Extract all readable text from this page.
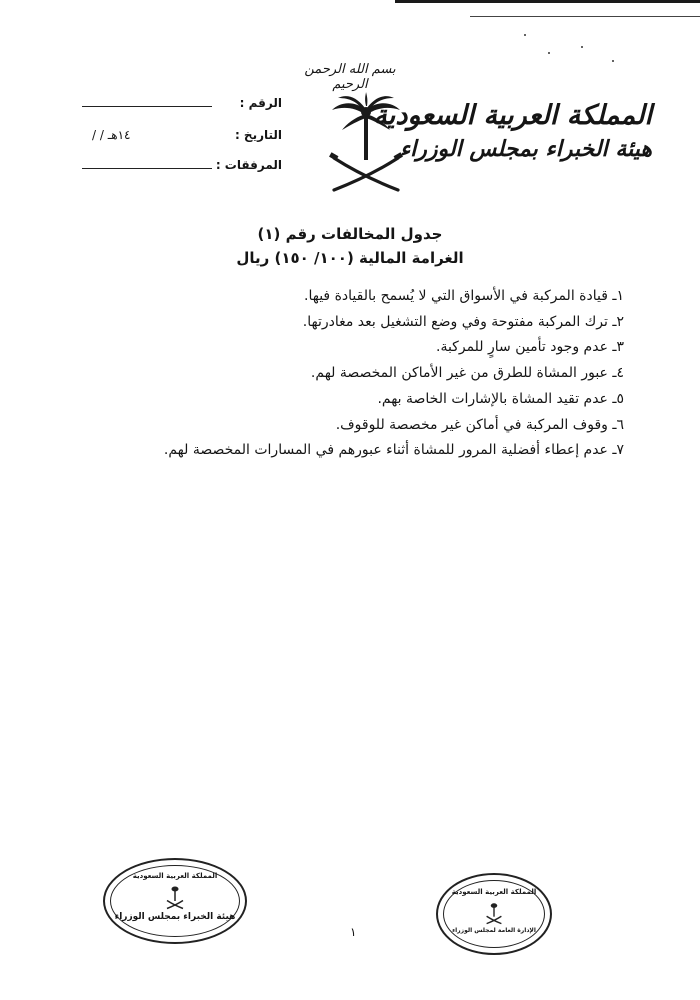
بسم الله الرحمن الرحيم
المملكة العربية السعودية
هيئة الخبراء بمجلس الوزراء
الرقم :
التاريخ :
/ / ١٤هـ
المرفقات :
جدول المخالفات رقم (١)
الغرامة المالية (١٠٠/ ١٥٠) ريال
١ـ قيادة المركبة في الأسواق التي لا يُسمح بالقيادة فيها.
٢ـ ترك المركبة مفتوحة وفي وضع التشغيل بعد مغادرتها.
٣ـ عدم وجود تأمين سارٍ للمركبة.
٤ـ عبور المشاة للطرق من غير الأماكن المخصصة لهم.
٥ـ عدم تقيد المشاة بالإشارات الخاصة بهم.
٦ـ وقوف المركبة في أماكن غير مخصصة للوقوف.
٧ـ عدم إعطاء أفضلية المرور للمشاة أثناء عبورهم في المسارات المخصصة لهم.
المملكة العربية السعودية
هيئة الخبراء بمجلس الوزراء
المملكة العربية السعودية
الإدارة العامة لمجلس الوزراء
١
